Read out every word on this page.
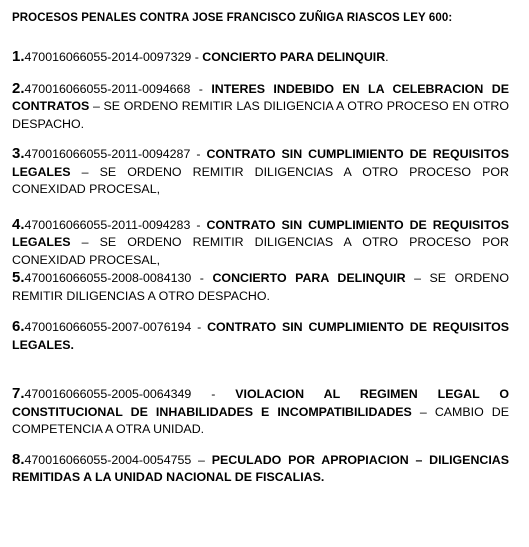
PROCESOS PENALES CONTRA JOSE FRANCISCO ZUÑIGA RIASCOS LEY 600:

1.470016066055-2014-0097329 - CONCIERTO PARA DELINQUIR.

2.470016066055-2011-0094668 - INTERES INDEBIDO EN LA CELEBRACION DE CONTRATOS – SE ORDENO REMITIR LAS DILIGENCIA A OTRO PROCESO EN OTRO DESPACHO.

3.470016066055-2011-0094287 - CONTRATO SIN CUMPLIMIENTO DE REQUISITOS LEGALES – SE ORDENO REMITIR DILIGENCIAS A OTRO PROCESO POR CONEXIDAD PROCESAL,

4.470016066055-2011-0094283 - CONTRATO SIN CUMPLIMIENTO DE REQUISITOS LEGALES – SE ORDENO REMITIR DILIGENCIAS A OTRO PROCESO POR CONEXIDAD PROCESAL,

5.470016066055-2008-0084130 - CONCIERTO PARA DELINQUIR – SE ORDENO REMITIR DILIGENCIAS A OTRO DESPACHO.

6.470016066055-2007-0076194 - CONTRATO SIN CUMPLIMIENTO DE REQUISITOS LEGALES.

7.470016066055-2005-0064349 - VIOLACION AL REGIMEN LEGAL O CONSTITUCIONAL DE INHABILIDADES E INCOMPATIBILIDADES – CAMBIO DE COMPETENCIA A OTRA UNIDAD.

8.470016066055-2004-0054755 – PECULADO POR APROPIACION – DILIGENCIAS REMITIDAS A LA UNIDAD NACIONAL DE FISCALIAS.
